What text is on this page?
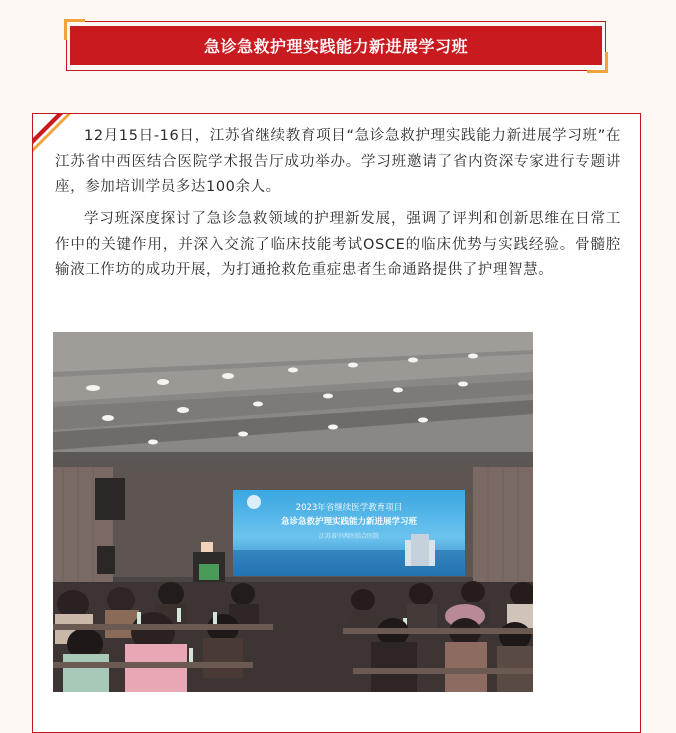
急诊急救护理实践能力新进展学习班

12月15日-16日，江苏省继续教育项目“急诊急救护理实践能力新进展学习班”在江苏省中西医结合医院学术报告厅成功举办。学习班邀请了省内资深专家进行专题讲座，参加培训学员多达100余人。

学习班深度探讨了急诊急救领域的护理新发展，强调了评判和创新思维在日常工作中的关键作用，并深入交流了临床技能考试OSCE的临床优势与实践经验。骨髓腔输液工作坊的成功开展，为打通抢救危重症患者生命通路提供了护理智慧。

2023年省继续医学教育项目
急诊急救护理实践能力新进展学习班
江苏省中西医结合医院
